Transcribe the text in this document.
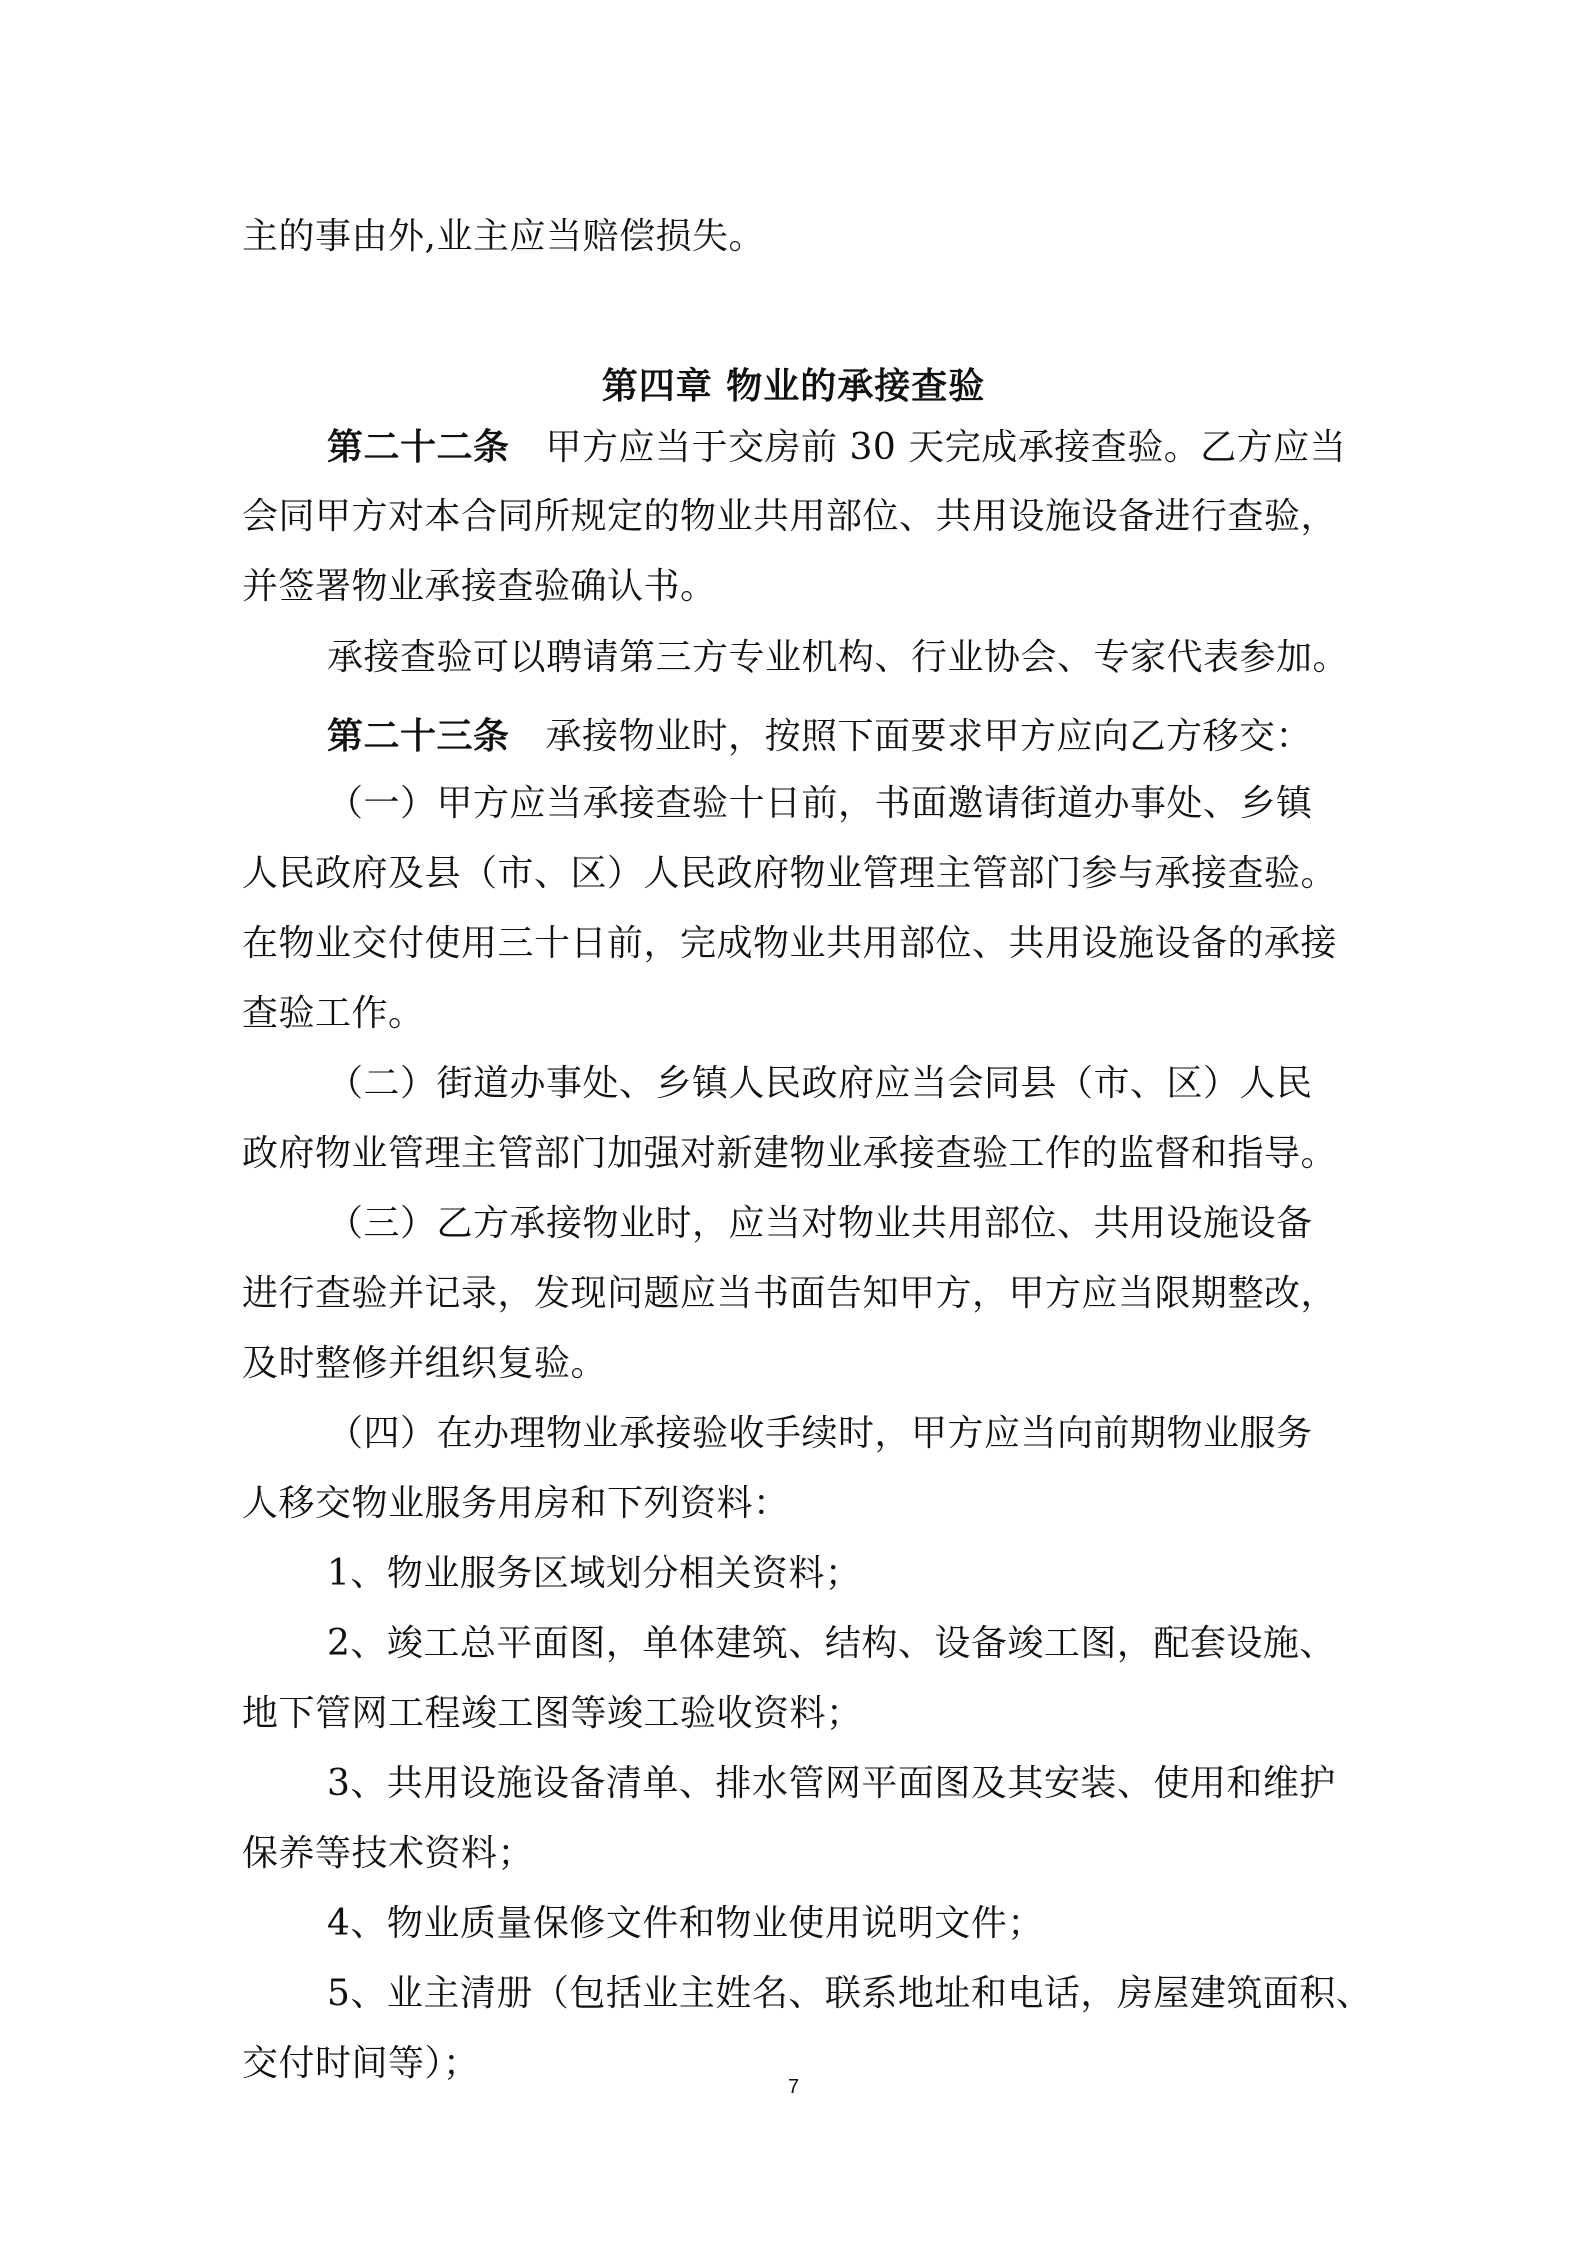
主的事由外,业主应当赔偿损失。
第四章 物业的承接查验
第二十二条 甲方应当于交房前 30 天完成承接查验。乙方应当
会同甲方对本合同所规定的物业共用部位、共用设施设备进行查验，
并签署物业承接查验确认书。
承接查验可以聘请第三方专业机构、行业协会、专家代表参加。
第二十三条 承接物业时，按照下面要求甲方应向乙方移交：
（一）甲方应当承接查验十日前，书面邀请街道办事处、乡镇
人民政府及县（市、区）人民政府物业管理主管部门参与承接查验。
在物业交付使用三十日前，完成物业共用部位、共用设施设备的承接
查验工作。
（二）街道办事处、乡镇人民政府应当会同县（市、区）人民
政府物业管理主管部门加强对新建物业承接查验工作的监督和指导。
（三）乙方承接物业时，应当对物业共用部位、共用设施设备
进行查验并记录，发现问题应当书面告知甲方，甲方应当限期整改，
及时整修并组织复验。
（四）在办理物业承接验收手续时，甲方应当向前期物业服务
人移交物业服务用房和下列资料：
1、物业服务区域划分相关资料；
2、竣工总平面图，单体建筑、结构、设备竣工图，配套设施、
地下管网工程竣工图等竣工验收资料；
3、共用设施设备清单、排水管网平面图及其安装、使用和维护
保养等技术资料；
4、物业质量保修文件和物业使用说明文件；
5、业主清册（包括业主姓名、联系地址和电话，房屋建筑面积、
交付时间等）；
7
